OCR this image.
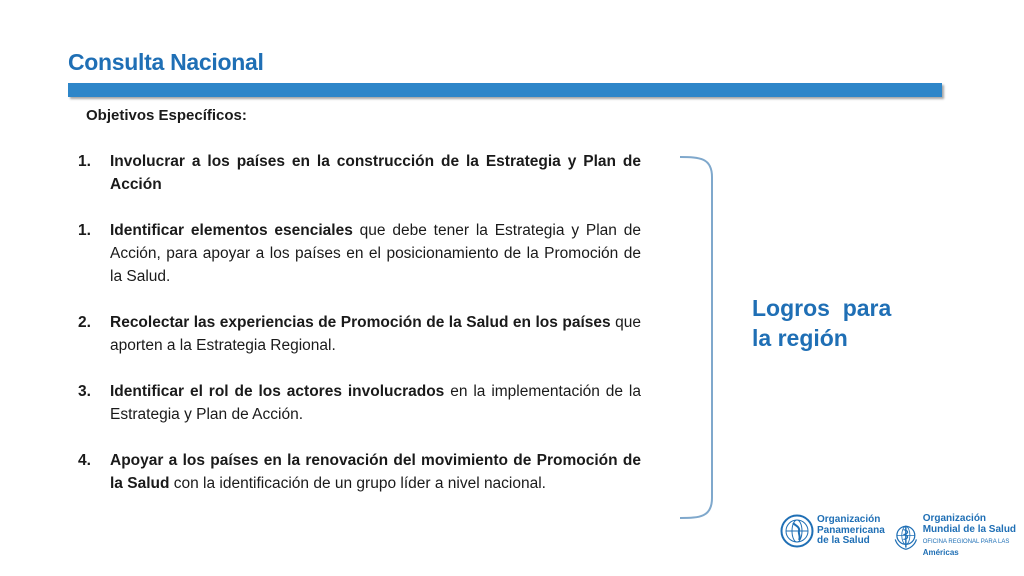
Consulta Nacional
Objetivos Específicos:
1.	Involucrar a los países en la construcción de la Estrategia y Plan de Acción
1.	Identificar elementos esenciales que debe tener la Estrategia y Plan de Acción, para apoyar a los países en el posicionamiento de la Promoción de la Salud.
2.	Recolectar las experiencias de Promoción de la Salud en los países que aporten a la Estrategia Regional.
3.	Identificar el rol de los actores involucrados en la implementación de la Estrategia y Plan de Acción.
4.	Apoyar a los países en la renovación del movimiento de Promoción de la Salud con la identificación de un grupo líder a nivel nacional.
Logros  para
la región
Organización
Panamericana
de la Salud
Organización
Mundial de la Salud
OFICINA REGIONAL PARA LAS Américas
